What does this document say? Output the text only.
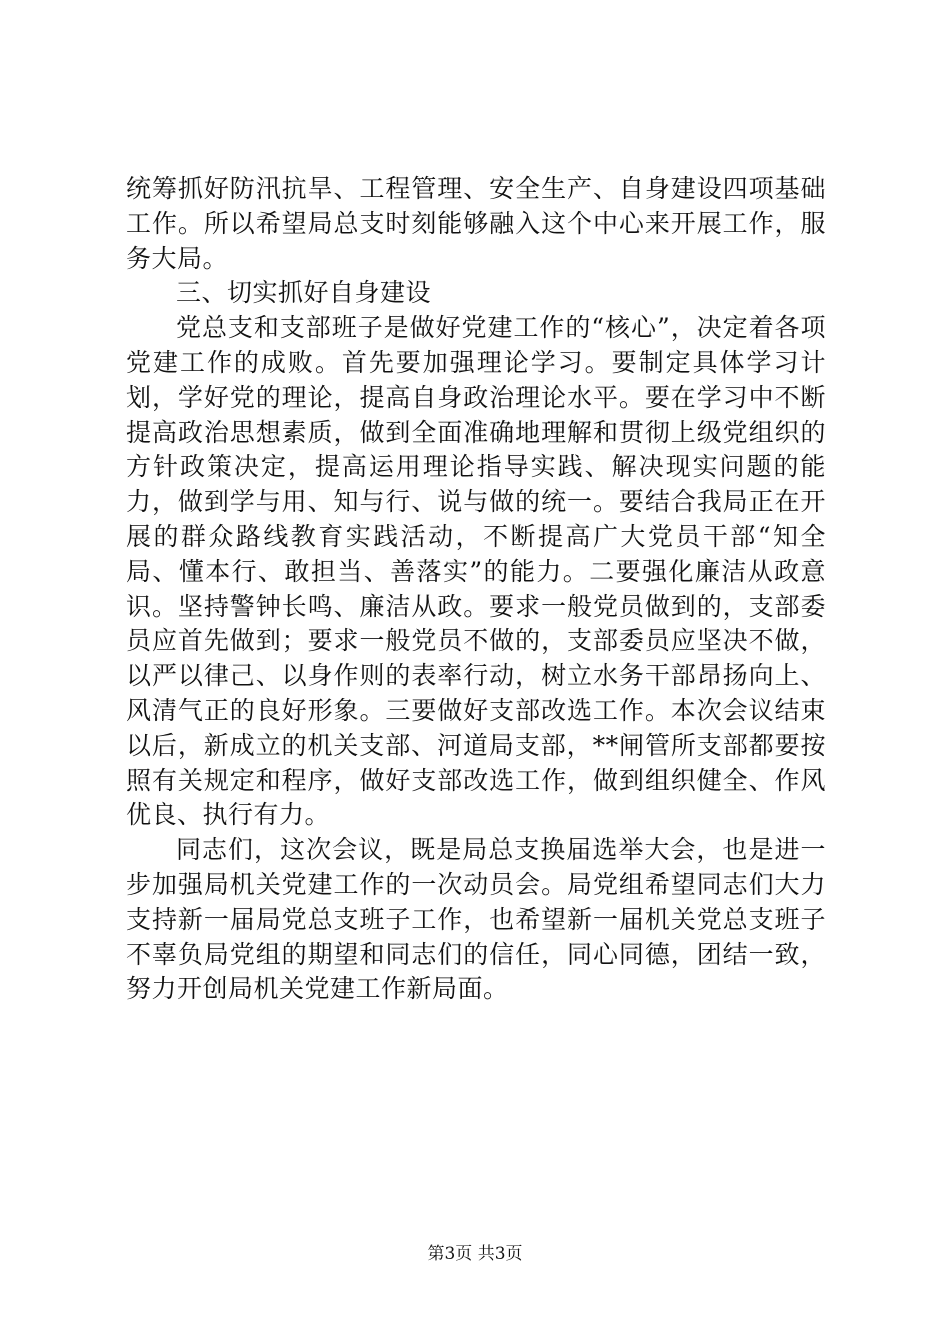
统筹抓好防汛抗旱、工程管理、安全生产、自身建设四项基础工作。所以希望局总支时刻能够融入这个中心来开展工作，服务大局。

三、切实抓好自身建设

党总支和支部班子是做好党建工作的“核心”，决定着各项党建工作的成败。首先要加强理论学习。要制定具体学习计划，学好党的理论，提高自身政治理论水平。要在学习中不断提高政治思想素质，做到全面准确地理解和贯彻上级党组织的方针政策决定，提高运用理论指导实践、解决现实问题的能力，做到学与用、知与行、说与做的统一。要结合我局正在开展的群众路线教育实践活动，不断提高广大党员干部“知全局、懂本行、敢担当、善落实”的能力。二要强化廉洁从政意识。坚持警钟长鸣、廉洁从政。要求一般党员做到的，支部委员应首先做到；要求一般党员不做的，支部委员应坚决不做，以严以律己、以身作则的表率行动，树立水务干部昂扬向上、风清气正的良好形象。三要做好支部改选工作。本次会议结束以后，新成立的机关支部、河道局支部，**闸管所支部都要按照有关规定和程序，做好支部改选工作，做到组织健全、作风优良、执行有力。

同志们，这次会议，既是局总支换届选举大会，也是进一步加强局机关党建工作的一次动员会。局党组希望同志们大力支持新一届局党总支班子工作，也希望新一届机关党总支班子不辜负局党组的期望和同志们的信任，同心同德，团结一致，努力开创局机关党建工作新局面。

第3页 共3页
